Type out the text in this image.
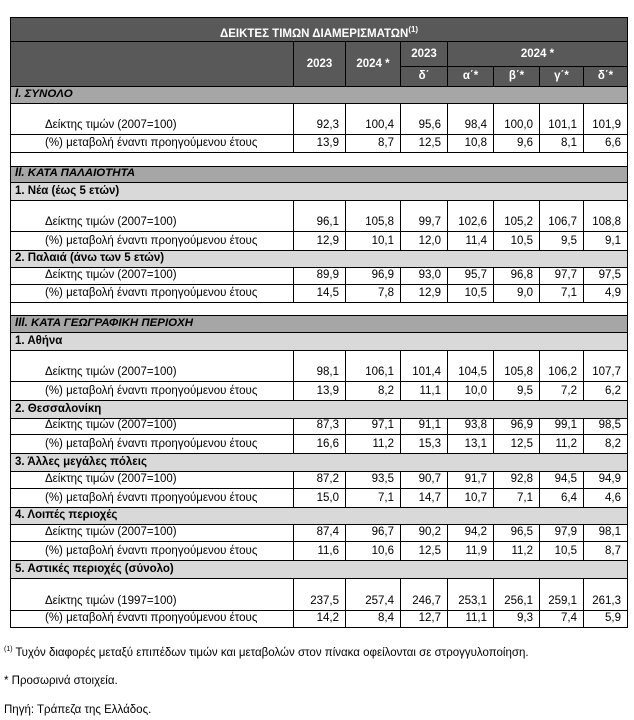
ΔΕΙΚΤΕΣ ΤΙΜΩΝ ΔΙΑΜΕΡΙΣΜΑΤΩΝ$^{(1)}$
	2023	2024 *	2023	2024 *			
			δ΄	α΄*	β΄*	γ΄*	δ΄*
I. ΣΥΝΟΛΟ							
Δείκτης τιμών (2007=100)	92,3	100,4	95,6	98,4	100,0	101,1	101,9
(%) μεταβολή έναντι προηγούμενου έτους	13,9	8,7	12,5	10,8	9,6	8,1	6,6

II. ΚΑΤΑ ΠΑΛΑΙΟΤΗΤΑ							
1. Νέα (έως 5 ετών)							
Δείκτης τιμών (2007=100)	96,1	105,8	99,7	102,6	105,2	106,7	108,8
(%) μεταβολή έναντι προηγούμενου έτους	12,9	10,1	12,0	11,4	10,5	9,5	9,1
2. Παλαιά (άνω των 5 ετών)							
Δείκτης τιμών (2007=100)	89,9	96,9	93,0	95,7	96,8	97,7	97,5
(%) μεταβολή έναντι προηγούμενου έτους	14,5	7,8	12,9	10,5	9,0	7,1	4,9

III. ΚΑΤΑ ΓΕΩΓΡΑΦΙΚΗ ΠΕΡΙΟΧΗ							
1. Αθήνα							
Δείκτης τιμών (2007=100)	98,1	106,1	101,4	104,5	105,8	106,2	107,7
(%) μεταβολή έναντι προηγούμενου έτους	13,9	8,2	11,1	10,0	9,5	7,2	6,2
2. Θεσσαλονίκη							
Δείκτης τιμών (2007=100)	87,3	97,1	91,1	93,8	96,9	99,1	98,5
(%) μεταβολή έναντι προηγούμενου έτους	16,6	11,2	15,3	13,1	12,5	11,2	8,2
3. Άλλες μεγάλες πόλεις							
Δείκτης τιμών (2007=100)	87,2	93,5	90,7	91,7	92,8	94,5	94,9
(%) μεταβολή έναντι προηγούμενου έτους	15,0	7,1	14,7	10,7	7,1	6,4	4,6
4. Λοιπές περιοχές							
Δείκτης τιμών (2007=100)	87,4	96,7	90,2	94,2	96,5	97,9	98,1
(%) μεταβολή έναντι προηγούμενου έτους	11,6	10,6	12,5	11,9	11,2	10,5	8,7
5. Αστικές περιοχές (σύνολο)							
Δείκτης τιμών (1997=100)	237,5	257,4	246,7	253,1	256,1	259,1	261,3
(%) μεταβολή έναντι προηγούμενου έτους	14,2	8,4	12,7	11,1	9,3	7,4	5,9
$^{(1)}$ Τυχόν διαφορές μεταξύ επιπέδων τιμών και μεταβολών στον πίνακα οφείλονται σε στρογγυλοποίηση.
* Προσωρινά στοιχεία.
Πηγή: Τράπεζα της Ελλάδος.
